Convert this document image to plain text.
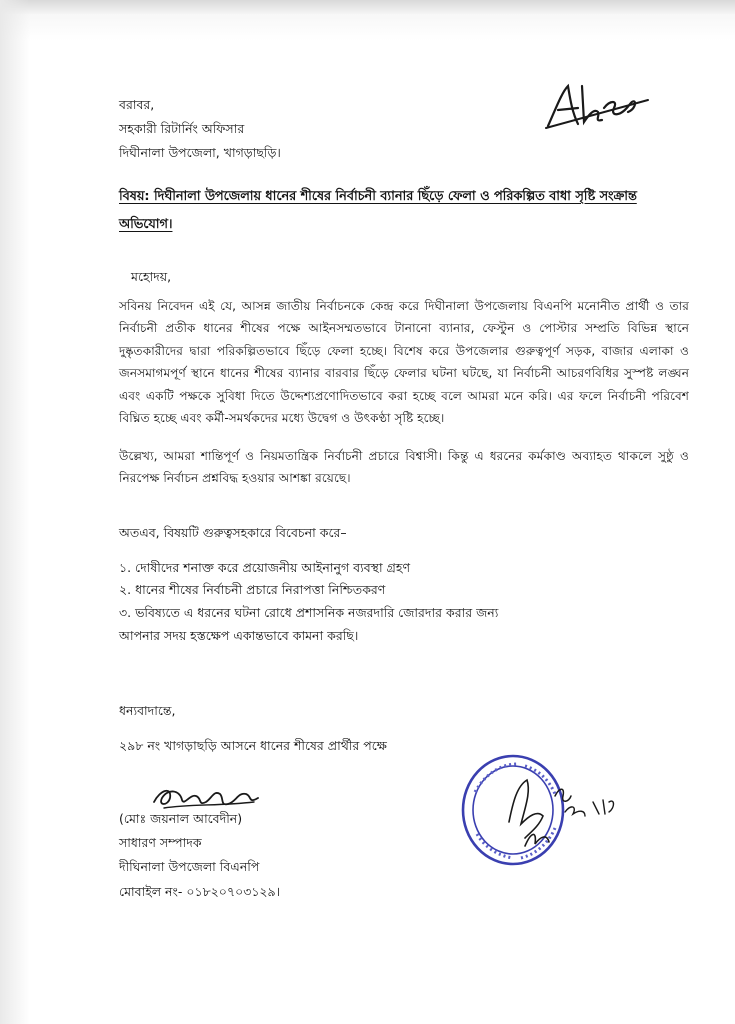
বরাবর,
সহকারী রিটার্নিং অফিসার
দিঘীনালা উপজেলা, খাগড়াছড়ি।
বিষয়: দিঘীনালা উপজেলায় ধানের শীষের নির্বাচনী ব্যানার ছিঁড়ে ফেলা ও পরিকল্পিত বাধা সৃষ্টি সংক্রান্ত অভিযোগ।
মহোদয়,
সবিনয় নিবেদন এই যে, আসন্ন জাতীয় নির্বাচনকে কেন্দ্র করে দিঘীনালা উপজেলায় বিএনপি মনোনীত প্রার্থী ও তার নির্বাচনী প্রতীক ধানের শীষের পক্ষে আইনসম্মতভাবে টানানো ব্যানার, ফেস্টুন ও পোস্টার সম্প্রতি বিভিন্ন স্থানে দুষ্কৃতকারীদের দ্বারা পরিকল্পিতভাবে ছিঁড়ে ফেলা হচ্ছে। বিশেষ করে উপজেলার গুরুত্বপূর্ণ সড়ক, বাজার এলাকা ও জনসমাগমপূর্ণ স্থানে ধানের শীষের ব্যানার বারবার ছিঁড়ে ফেলার ঘটনা ঘটছে, যা নির্বাচনী আচরণবিধির সুস্পষ্ট লঙ্ঘন এবং একটি পক্ষকে সুবিধা দিতে উদ্দেশ্যপ্রণোদিতভাবে করা হচ্ছে বলে আমরা মনে করি। এর ফলে নির্বাচনী পরিবেশ বিঘ্নিত হচ্ছে এবং কর্মী-সমর্থকদের মধ্যে উদ্বেগ ও উৎকণ্ঠা সৃষ্টি হচ্ছে।
উল্লেখ্য, আমরা শান্তিপূর্ণ ও নিয়মতান্ত্রিক নির্বাচনী প্রচারে বিশ্বাসী। কিন্তু এ ধরনের কর্মকাণ্ড অব্যাহত থাকলে সুষ্ঠু ও নিরপেক্ষ নির্বাচন প্রশ্নবিদ্ধ হওয়ার আশঙ্কা রয়েছে।
অতএব, বিষয়টি গুরুত্বসহকারে বিবেচনা করে–
১. দোষীদের শনাক্ত করে প্রয়োজনীয় আইনানুগ ব্যবস্থা গ্রহণ
২. ধানের শীষের নির্বাচনী প্রচারে নিরাপত্তা নিশ্চিতকরণ
৩. ভবিষ্যতে এ ধরনের ঘটনা রোধে প্রশাসনিক নজরদারি জোরদার করার জন্য
আপনার সদয় হস্তক্ষেপ একান্তভাবে কামনা করছি।
ধন্যবাদান্তে,
২৯৮ নং খাগড়াছড়ি আসনে ধানের শীষের প্রার্থীর পক্ষে
(মোঃ জয়নাল আবেদীন)
সাধারণ সম্পাদক
দীঘিনালা উপজেলা বিএনপি
মোবাইল নং- ০১৮২০৭০৩১২৯।
